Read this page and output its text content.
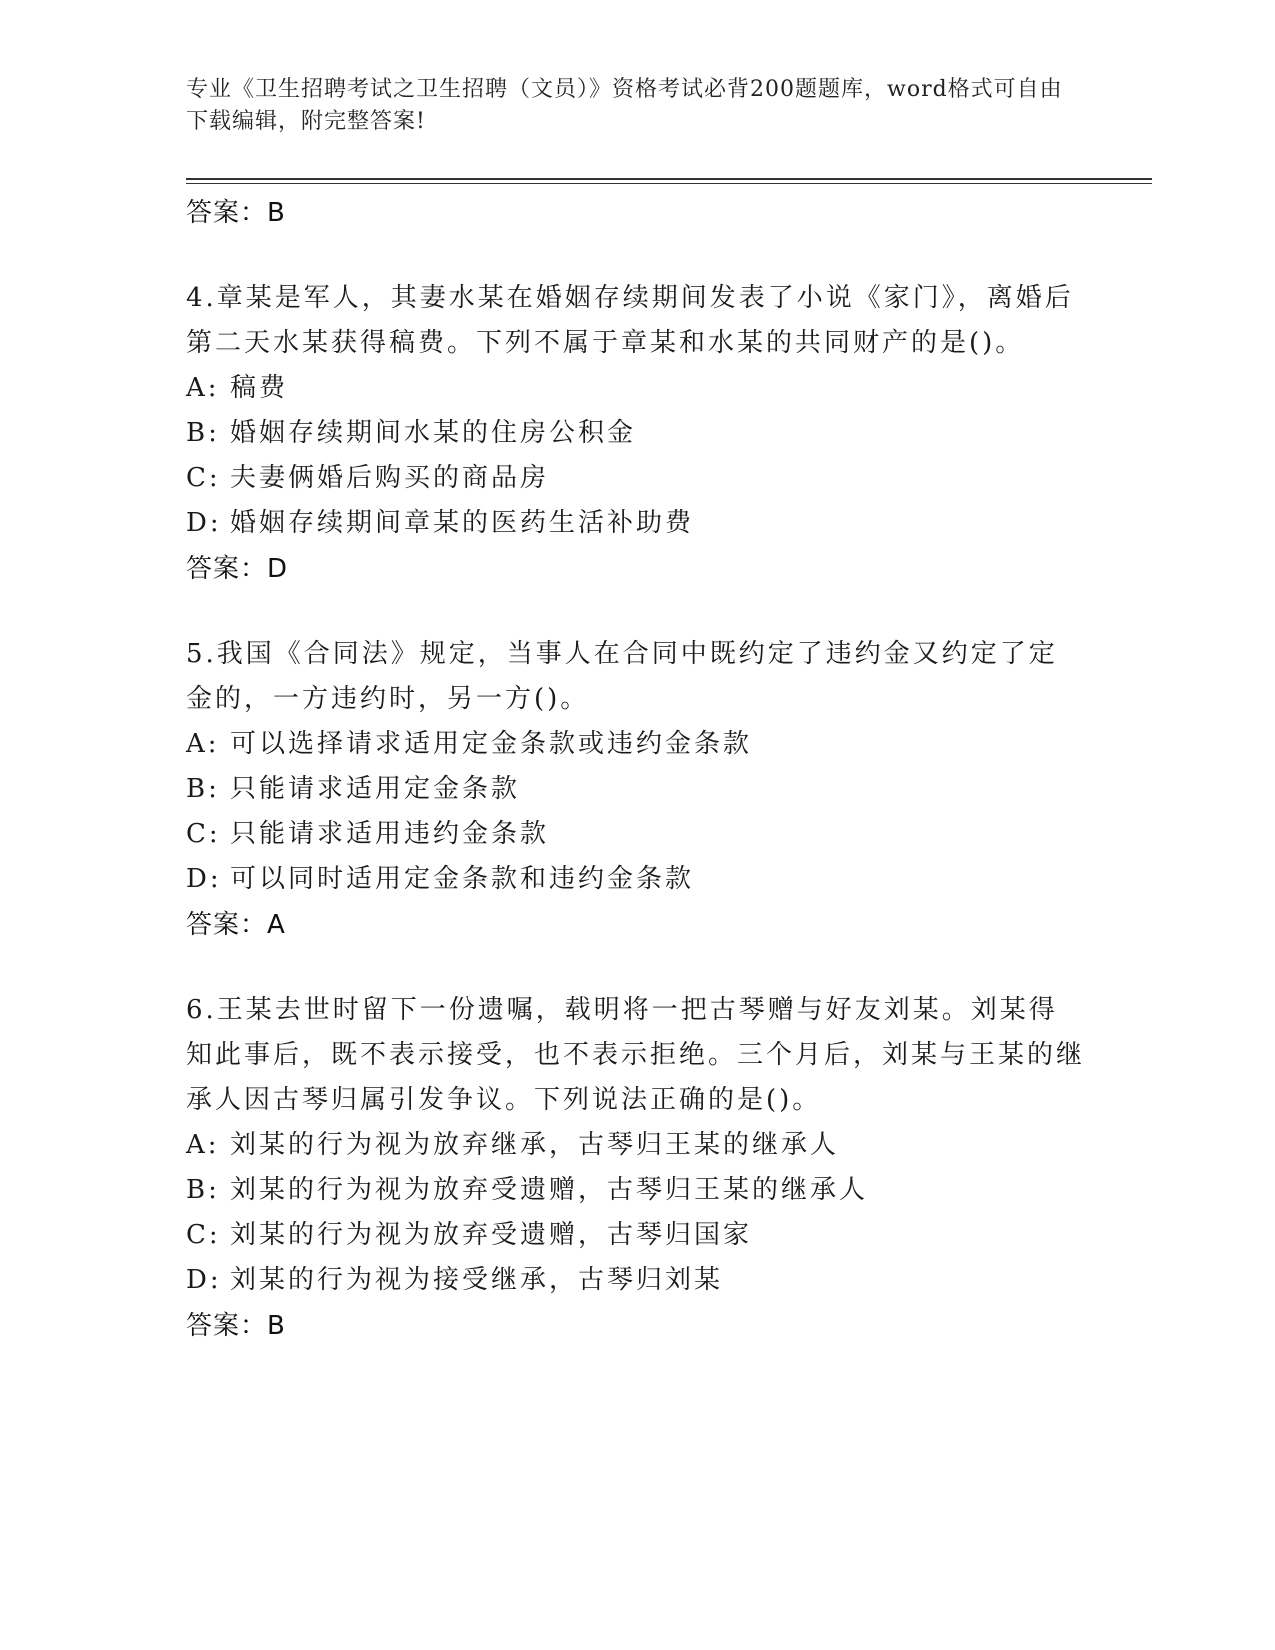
专业《卫生招聘考试之卫生招聘（文员）》资格考试必背200题题库，word格式可自由下载编辑，附完整答案!
答案：B
4.章某是军人，其妻水某在婚姻存续期间发表了小说《家门》，离婚后第二天水某获得稿费。下列不属于章某和水某的共同财产的是()。
A: 稿费
B: 婚姻存续期间水某的住房公积金
C: 夫妻俩婚后购买的商品房
D: 婚姻存续期间章某的医药生活补助费
答案：D
5.我国《合同法》规定，当事人在合同中既约定了违约金又约定了定金的，一方违约时，另一方()。
A: 可以选择请求适用定金条款或违约金条款
B: 只能请求适用定金条款
C: 只能请求适用违约金条款
D: 可以同时适用定金条款和违约金条款
答案：A
6.王某去世时留下一份遗嘱，载明将一把古琴赠与好友刘某。刘某得知此事后，既不表示接受，也不表示拒绝。三个月后，刘某与王某的继承人因古琴归属引发争议。下列说法正确的是()。
A: 刘某的行为视为放弃继承，古琴归王某的继承人
B: 刘某的行为视为放弃受遗赠，古琴归王某的继承人
C: 刘某的行为视为放弃受遗赠，古琴归国家
D: 刘某的行为视为接受继承，古琴归刘某
答案：B
